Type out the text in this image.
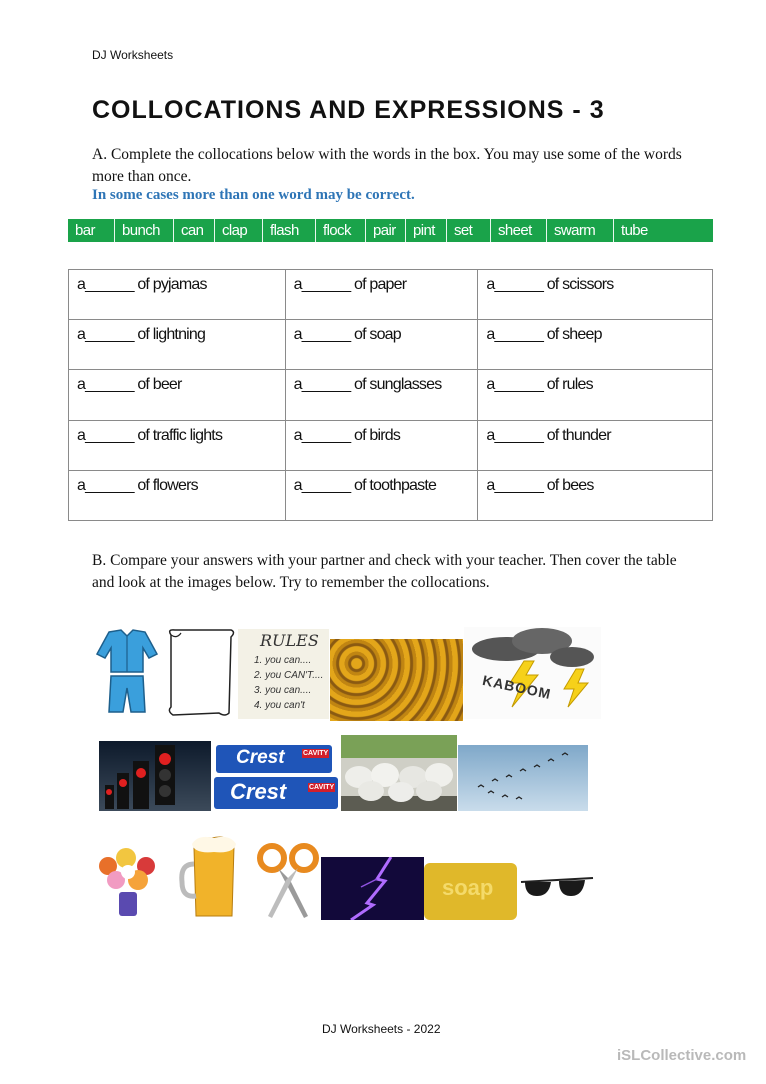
DJ Worksheets
COLLOCATIONS AND EXPRESSIONS - 3
A. Complete the collocations below with the words in the box. You may use some of the words more than once.
In some cases more than one word may be correct.
bar	bunch	can	clap	flash	flock	pair	pint	set	sheet	swarm	tube
a______ of pyjamas	a______ of paper	a______ of scissors
a______ of lightning	a______ of soap	a______ of sheep
a______ of beer	a______ of sunglasses	a______ of rules
a______ of traffic lights	a______ of birds	a______ of thunder
a______ of flowers	a______ of toothpaste	a______ of bees
B. Compare your answers with your partner and check with your teacher. Then cover the table and look at the images below. Try to remember the collocations.
RULES
1. you can....
2. you CAN'T....
3. you can....
4. you can't
KABOOM
Crest	CAVITY
Crest	CAVITY
soap
DJ Worksheets - 2022
iSLCollective.com
